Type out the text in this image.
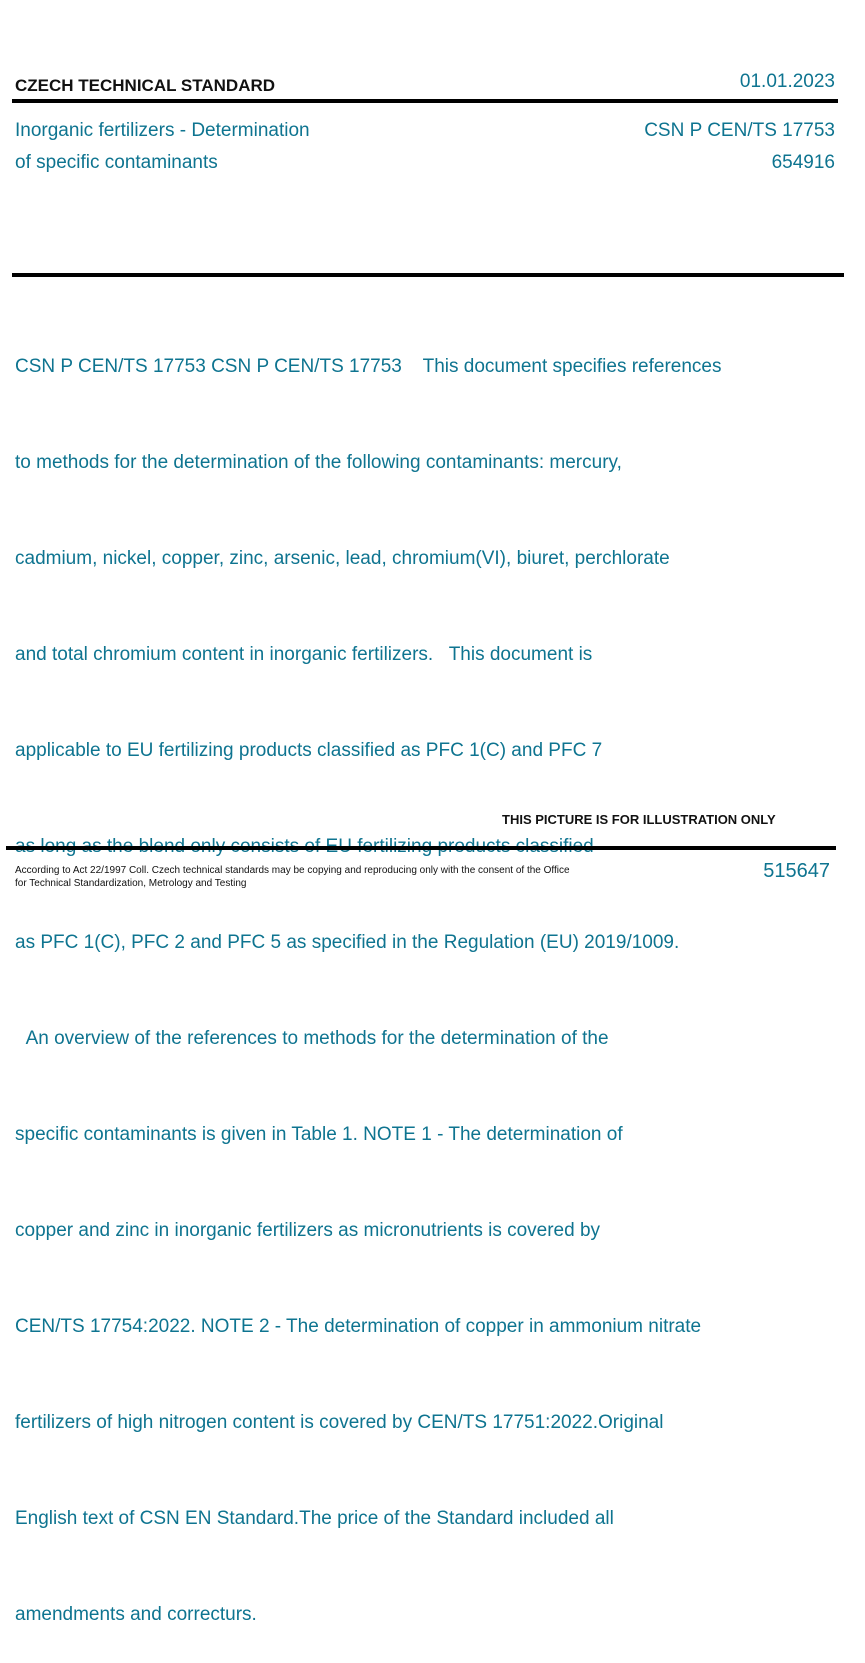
CZECH TECHNICAL STANDARD	01.01.2023
Inorganic fertilizers - Determination
of specific contaminants
CSN P CEN/TS 17753
654916

CSN P CEN/TS 17753 CSN P CEN/TS 17753    This document specifies references

to methods for the determination of the following contaminants: mercury,

cadmium, nickel, copper, zinc, arsenic, lead, chromium(VI), biuret, perchlorate

and total chromium content in inorganic fertilizers.   This document is

applicable to EU fertilizing products classified as PFC 1(C) and PFC 7

as PFC 1(C), PFC 2 and PFC 5 as specified in the Regulation (EU) 2019/1009.

An overview of the references to methods for the determination of the

specific contaminants is given in Table 1. NOTE 1 - The determination of

copper and zinc in inorganic fertilizers as micronutrients is covered by

CEN/TS 17754:2022. NOTE 2 - The determination of copper in ammonium nitrate

fertilizers of high nitrogen content is covered by CEN/TS 17751:2022.Original

English text of CSN EN Standard.The price of the Standard included all

amendments and correcturs.

THIS PICTURE IS FOR ILLUSTRATION ONLY
According to Act 22/1997 Coll. Czech technical standards may be copying and reproducing only with the consent of the Office
for Technical Standardization, Metrology and Testing
515647
